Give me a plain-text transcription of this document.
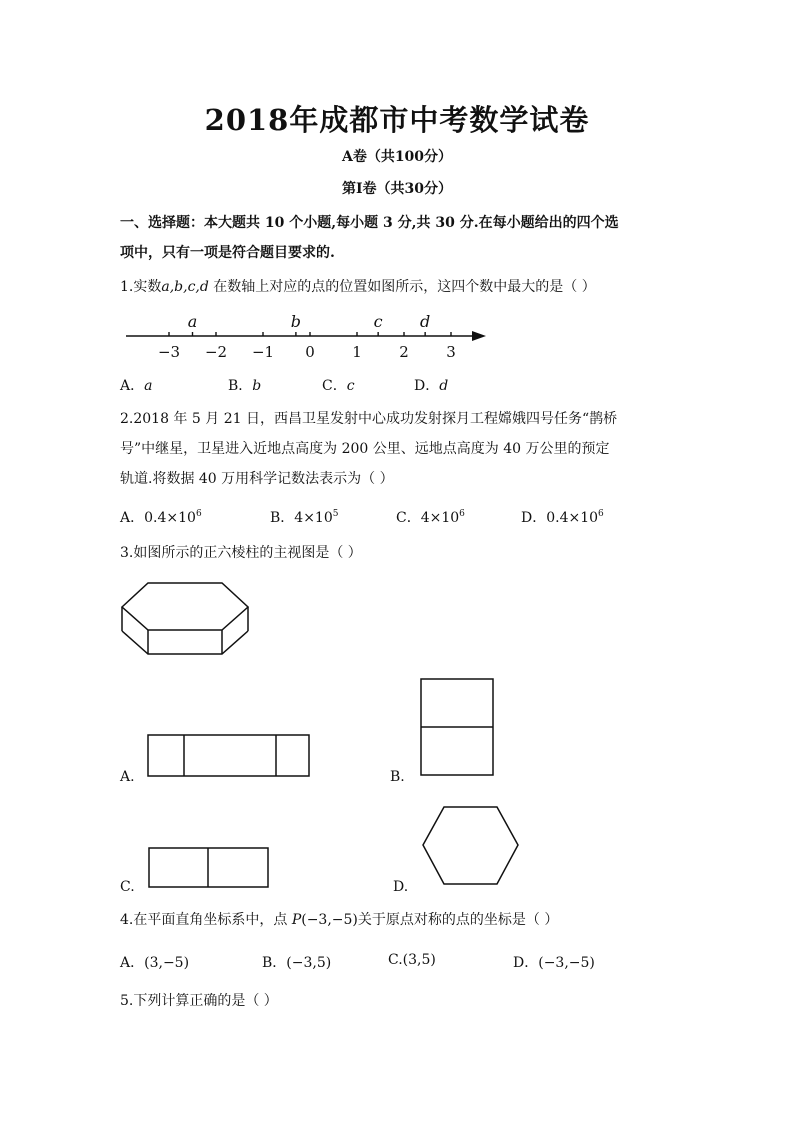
2018年成都市中考数学试卷
A卷（共100分）
第Ⅰ卷（共30分）
一、选择题：本大题共 10 个小题,每小题 3 分,共 30 分.在每小题给出的四个选
项中，只有一项是符合题目要求的.
1.实数a,b,c,d 在数轴上对应的点的位置如图所示，这四个数中最大的是（ ）
−3 −2 −1 0 1 2 3
a	b	c d
A．a	B．b	C．c	D．d
2.2018 年 5 月 21 日，西昌卫星发射中心成功发射探月工程嫦娥四号任务“鹊桥
号”中继星，卫星进入近地点高度为 200 公里、远地点高度为 40 万公里的预定
轨道.将数据 40 万用科学记数法表示为（ ）
A．$0.4\times 10^6$	B．$4\times 10^5$	C．$4\times 10^6$	D．$0.4\times 10^6$
3.如图所示的正六棱柱的主视图是（ ）
A.	B.
C.	D.
4.在平面直角坐标系中，点 P(−3,−5)关于原点对称的点的坐标是（ ）
A．(3,−5)	B．(−3,5)	C.(3,5)	D．(−3,−5)
5.下列计算正确的是（ ）
